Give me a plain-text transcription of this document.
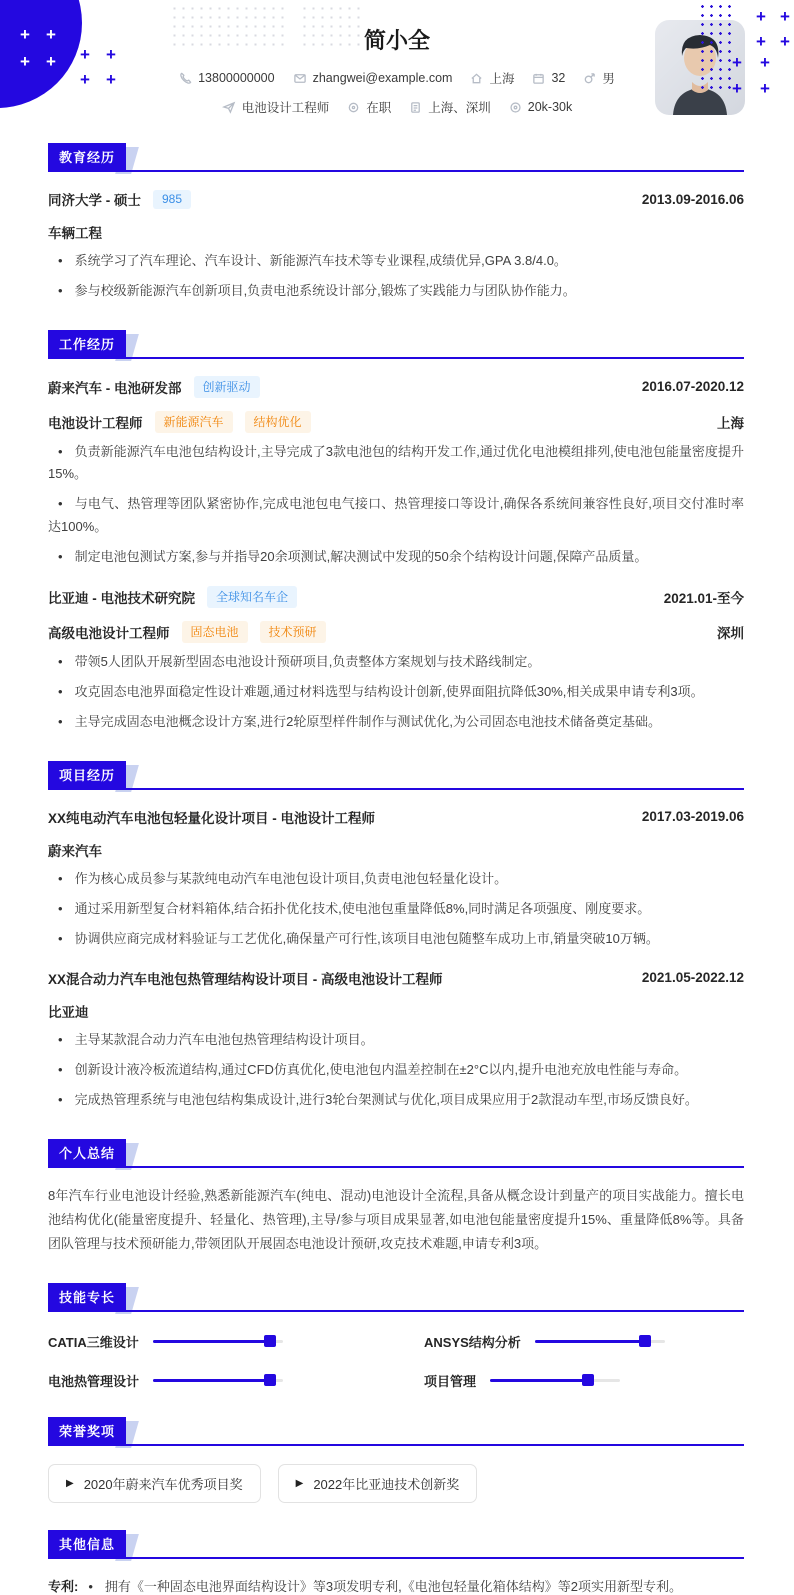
+ +
+ + + +
+ +
+ +
+ +
+ +
+ +
简小全
13800000000	zhangwei@example.com	上海	32	男
电池设计工程师	在职	上海、深圳	20k-30k
教育经历
同济大学 - 硕士	985	2013.09-2016.06
车辆工程
• 系统学习了汽车理论、汽车设计、新能源汽车技术等专业课程,成绩优异,GPA 3.8/4.0。
• 参与校级新能源汽车创新项目,负责电池系统设计部分,锻炼了实践能力与团队协作能力。
工作经历
蔚来汽车 - 电池研发部	创新驱动	2016.07-2020.12
电池设计工程师	新能源汽车	结构优化	上海
• 负责新能源汽车电池包结构设计,主导完成了3款电池包的结构开发工作,通过优化电池模组排列,使电池包能量密度提升15%。
• 与电气、热管理等团队紧密协作,完成电池包电气接口、热管理接口等设计,确保各系统间兼容性良好,项目交付准时率达100%。
• 制定电池包测试方案,参与并指导20余项测试,解决测试中发现的50余个结构设计问题,保障产品质量。
比亚迪 - 电池技术研究院	全球知名车企	2021.01-至今
高级电池设计工程师	固态电池	技术预研	深圳
• 带领5人团队开展新型固态电池设计预研项目,负责整体方案规划与技术路线制定。
• 攻克固态电池界面稳定性设计难题,通过材料选型与结构设计创新,使界面阻抗降低30%,相关成果申请专利3项。
• 主导完成固态电池概念设计方案,进行2轮原型样件制作与测试优化,为公司固态电池技术储备奠定基础。
项目经历
XX纯电动汽车电池包轻量化设计项目 - 电池设计工程师	2017.03-2019.06
蔚来汽车
• 作为核心成员参与某款纯电动汽车电池包设计项目,负责电池包轻量化设计。
• 通过采用新型复合材料箱体,结合拓扑优化技术,使电池包重量降低8%,同时满足各项强度、刚度要求。
• 协调供应商完成材料验证与工艺优化,确保量产可行性,该项目电池包随整车成功上市,销量突破10万辆。
XX混合动力汽车电池包热管理结构设计项目 - 高级电池设计工程师	2021.05-2022.12
比亚迪
• 主导某款混合动力汽车电池包热管理结构设计项目。
• 创新设计液冷板流道结构,通过CFD仿真优化,使电池包内温差控制在±2°C以内,提升电池充放电性能与寿命。
• 完成热管理系统与电池包结构集成设计,进行3轮台架测试与优化,项目成果应用于2款混动车型,市场反馈良好。
个人总结
8年汽车行业电池设计经验,熟悉新能源汽车(纯电、混动)电池设计全流程,具备从概念设计到量产的项目实战能力。擅长电池结构优化(能量密度提升、轻量化、热管理),主导/参与项目成果显著,如电池包能量密度提升15%、重量降低8%等。具备团队管理与技术预研能力,带领团队开展固态电池设计预研,攻克技术难题,申请专利3项。
技能专长
CATIA三维设计	ANSYS结构分析
电池热管理设计	项目管理
荣誉奖项
▶ 2020年蔚来汽车优秀项目奖	▶ 2022年比亚迪技术创新奖
其他信息
专利: • 拥有《一种固态电池界面结构设计》等3项发明专利,《电池包轻量化箱体结构》等2项实用新型专利。
